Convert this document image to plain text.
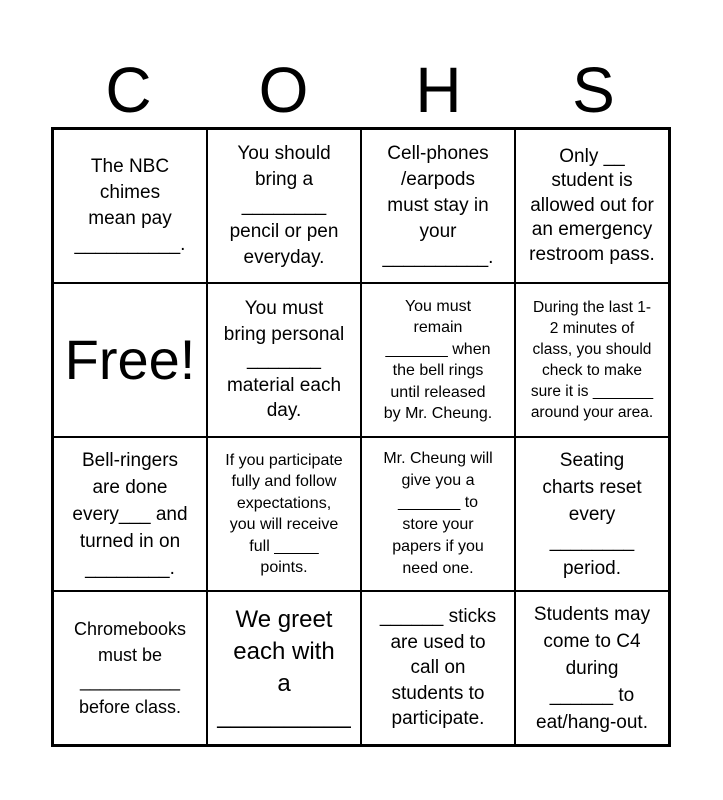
C	O	H	S
The NBC
chimes
mean pay
__________.
You should
bring a
________
pencil or pen
everyday.
Cell-phones
/earpods
must stay in
your
__________.
Only __
student is
allowed out for
an emergency
restroom pass.
Free!
You must
bring personal
_______
material each
day.
You must
remain
_______ when
the bell rings
until released
by Mr. Cheung.
During the last 1-
2 minutes of
class, you should
check to make
sure it is _______
around your area.
Bell-ringers
are done
every___ and
turned in on
________.
If you participate
fully and follow
expectations,
you will receive
full _____
points.
Mr. Cheung will
give you a
_______ to
store your
papers if you
need one.
Seating
charts reset
every
________
period.
Chromebooks
must be
__________
before class.
We greet
each with
a
__________
______ sticks
are used to
call on
students to
participate.
Students may
come to C4
during
______ to
eat/hang-out.
